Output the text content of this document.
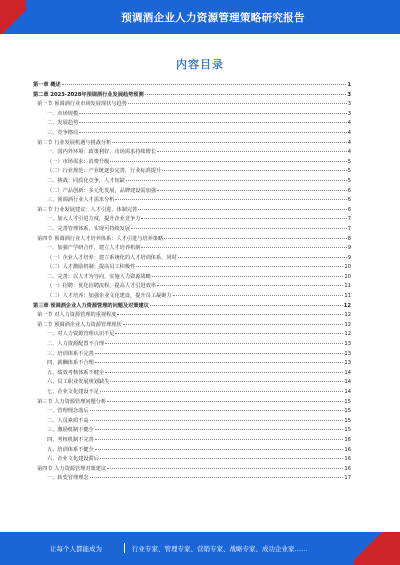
预调酒企业人力资源管理策略研究报告
内容目录
第一章 概述	1
第二章 2023-2028年预调酒行业发展趋势预测	3
第一节 预调酒行业市场发展现状与趋势	3
一、市场规模	3
二、发展趋势	4
三、竞争格局	4
第二节 行业发展机遇与挑战分析	4
一、国内外环境：政策利好，市场需求持续增长	4
（一）市场需求：消费升级	5
（二）行业规范：产业链逐步完善，行业标准提升	5
二、挑战：同质化竞争，人才短缺	5
（二）产品创新：多元化发展，品牌建设需加强	6
三、预调酒行业人才需求分析	6
第三节 行业发展建议：人才引进，体制完善	6
一、加大人才引进力度，提升企业竞争力	7
二、完善管理体系，实现可持续发展	7
第四节 预调酒行业人才培养体系：人才引进与培养策略	8
一、加强产学研合作，建立人才培养机制	9
（一）企业人才培养：建立系统化的人才培训体系，同时	9
（二）人才激励机制：提高员工积极性	10
二、完善：以人才为导向，实施人力资源战略	10
（一）招聘：优化招聘流程，提高人才引进效率	11
（二）人才培养：加强企业文化建设，提升员工凝聚力	11
第三章 预调酒企业人力资源管理的问题及对策建议	12
第一节 对人力资源管理的重视程度	12
第二节 预调酒企业人力资源管理现状	12
一、对人力资源管理认识不足	12
二、人力资源配置不合理	13
三、培训体系不完善	13
四、薪酬体系不合理	13
五、绩效考核体系不健全	14
六、员工职业发展规划缺失	14
七、企业文化建设不足	14
第三节 人力资源管理问题分析	15
一、管理理念落后	15
二、人员素质不高	15
三、激励机制不健全	15
四、考核机制不完善	16
五、培训体系不健全	16
六、企业文化建设滞后	16
第四节 人力资源管理对策建议	16
一、转变管理理念	17
让每个人都能成为	行业专家、管理专家、营销专家、战略专家、成功企业家……
